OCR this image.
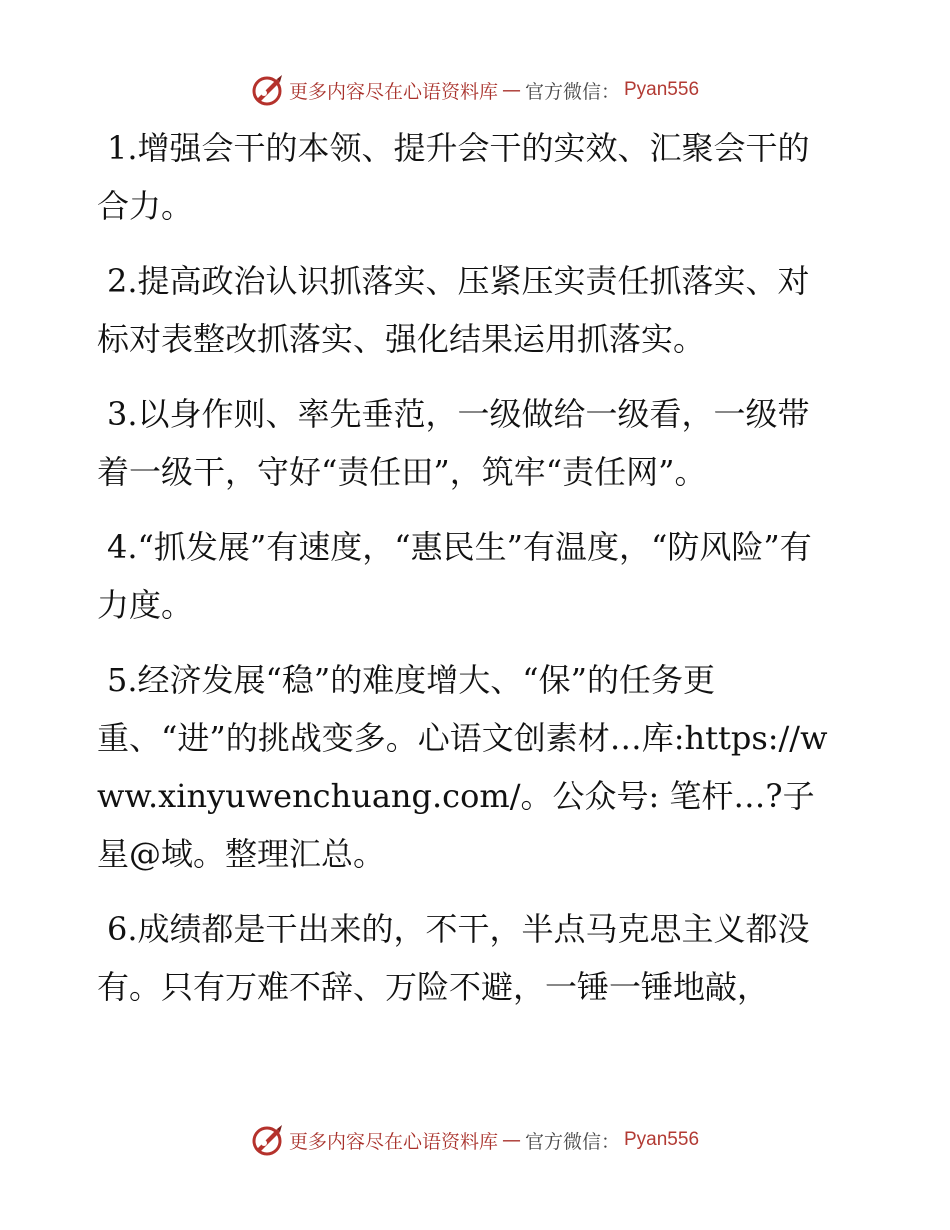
更多内容尽在心语资料库 — 官方微信： Pyan556

1.增强会干的本领、提升会干的实效、汇聚会干的合力。

2.提高政治认识抓落实、压紧压实责任抓落实、对标对表整改抓落实、强化结果运用抓落实。

3.以身作则、率先垂范，一级做给一级看，一级带着一级干，守好“责任田”，筑牢“责任网”。

4.“抓发展”有速度，“惠民生”有温度，“防风险”有力度。

5.经济发展“稳”的难度增大、“保”的任务更重、“进”的挑战变多。心语文创素材…库:https://www.xinyuwenchuang.com/。公众号: 笔杆…?子星@域。整理汇总。

6.成绩都是干出来的，不干，半点马克思主义都没有。只有万难不辞、万险不避，一锤一锤地敲，

更多内容尽在心语资料库 — 官方微信： Pyan556
